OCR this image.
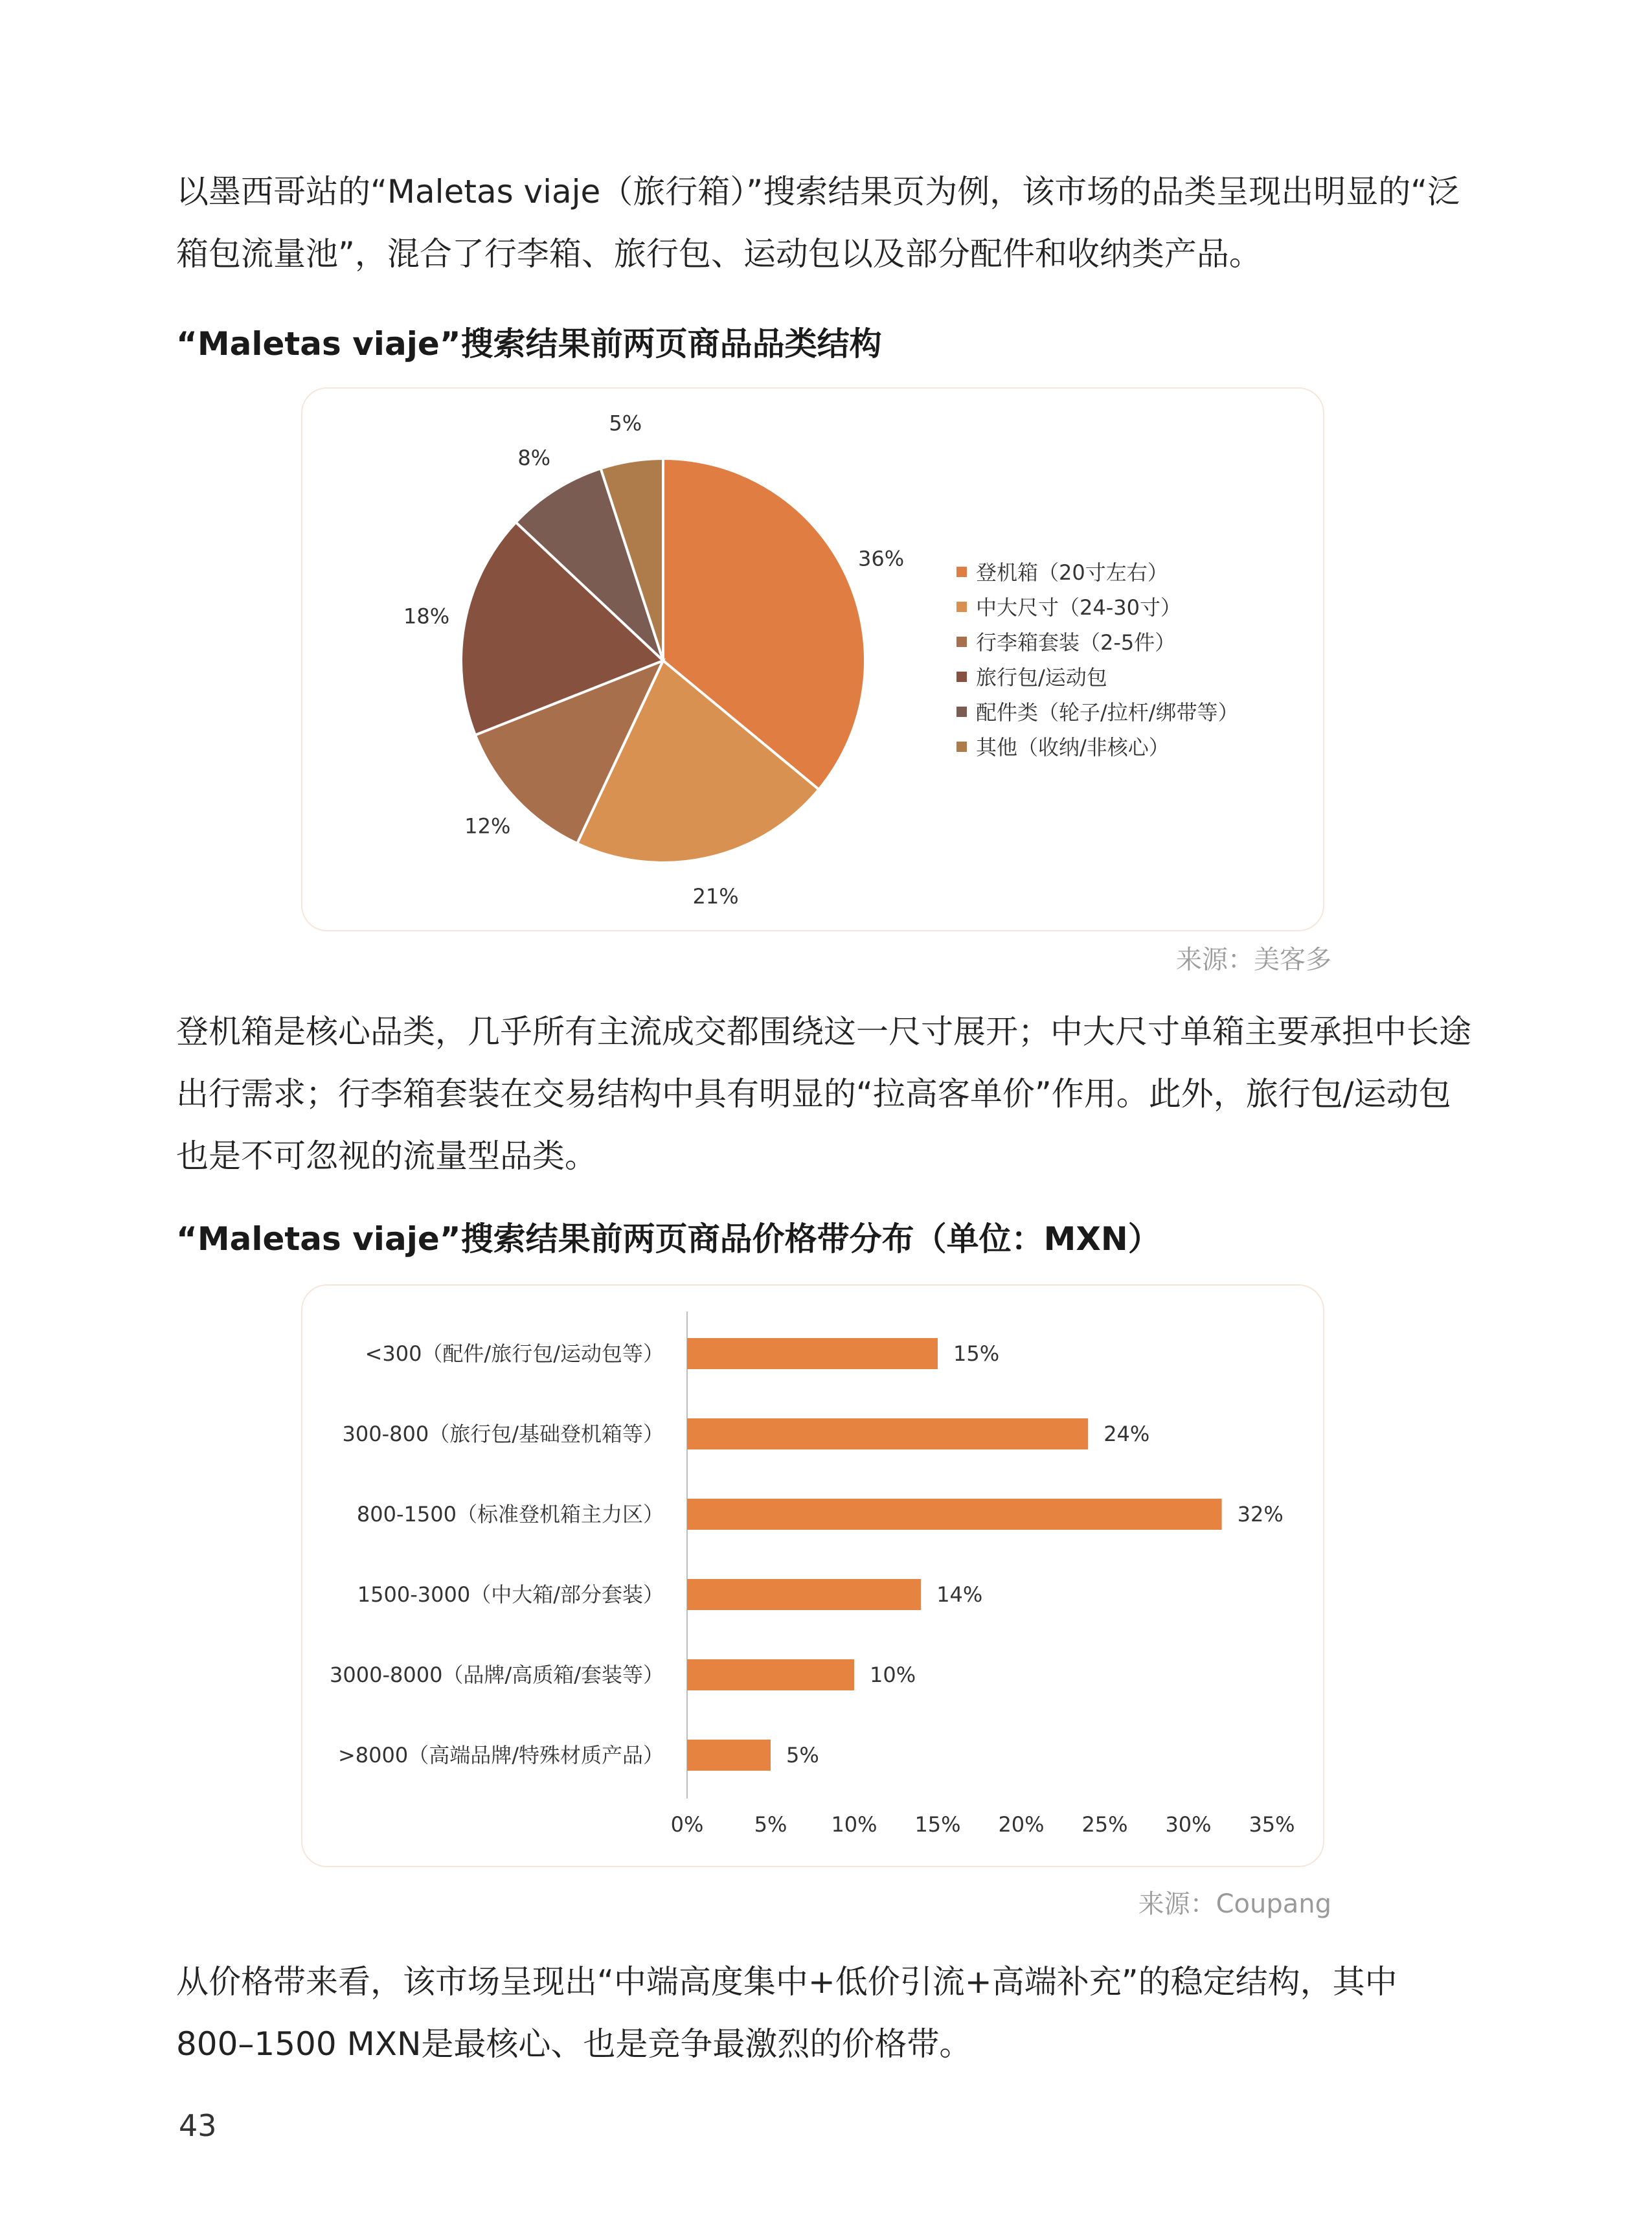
以墨西哥站的“Maletas viaje（旅行箱）”搜索结果页为例，该市场的品类呈现出明显的“泛

箱包流量池”，混合了行李箱、旅行包、运动包以及部分配件和收纳类产品。

“Maletas viaje”搜索结果前两页商品品类结构
36%
21%
12%
18%
8%
5%
登机箱（20寸左右）
中大尺寸（24-30寸）
行李箱套装（2-5件）
旅行包/运动包
配件类（轮子/拉杆/绑带等）
其他（收纳/非核心）
来源：美客多

登机箱是核心品类，几乎所有主流成交都围绕这一尺寸展开；中大尺寸单箱主要承担中长途

出行需求；行李箱套装在交易结构中具有明显的“拉高客单价”作用。此外，旅行包/运动包

也是不可忽视的流量型品类。

“Maletas viaje”搜索结果前两页商品价格带分布（单位：MXN）
<300（配件/旅行包/运动包等）	15%
300-800（旅行包/基础登机箱等）	24%
800-1500（标准登机箱主力区）	32%
1500-3000（中大箱/部分套装）	14%
3000-8000（品牌/高质箱/套装等）	10%
>8000（高端品牌/特殊材质产品）	5%
0% 5% 10% 15% 20% 25% 30% 35%
来源：Coupang

从价格带来看，该市场呈现出“中端高度集中+低价引流+高端补充”的稳定结构，其中

800–1500 MXN是最核心、也是竞争最激烈的价格带。

43
